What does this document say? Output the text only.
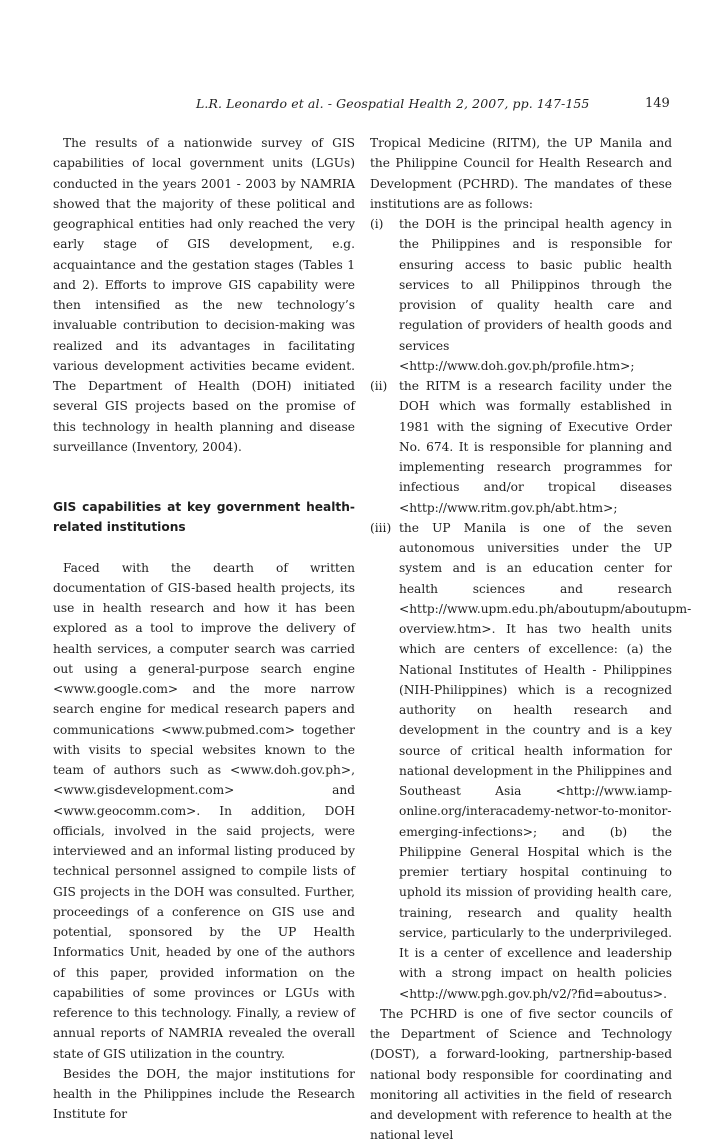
L.R. Leonardo et al. - Geospatial Health 2, 2007, pp. 147-155	149

The results of a nationwide survey of GIS capabilities of local government units (LGUs) conducted in the years 2001 - 2003 by NAMRIA showed that the majority of these political and geographical entities had only reached the very early stage of GIS development, e.g. acquaintance and the gestation stages (Tables 1 and 2). Efforts to improve GIS capability were then intensified as the new technology’s invaluable contribution to decision-making was realized and its advantages in facilitating various development activities became evident. The Department of Health (DOH) initiated several GIS projects based on the promise of this technology in health planning and disease surveillance (Inventory, 2004).

GIS capabilities at key government health-related institutions

Faced with the dearth of written documentation of GIS-based health projects, its use in health research and how it has been explored as a tool to improve the delivery of health services, a computer search was carried out using a general-purpose search engine <www.google.com> and the more narrow search engine for medical research papers and communications <www.pubmed.com> together with visits to special websites known to the team of authors such as <www.doh.gov.ph>, <www.gisdevelopment.com> and <www.geocomm.com>. In addition, DOH officials, involved in the said projects, were interviewed and an informal listing produced by technical personnel assigned to compile lists of GIS projects in the DOH was consulted. Further, proceedings of a conference on GIS use and potential, sponsored by the UP Health Informatics Unit, headed by one of the authors of this paper, provided information on the capabilities of some provinces or LGUs with reference to this technology. Finally, a review of annual reports of NAMRIA revealed the overall state of GIS utilization in the country.

Besides the DOH, the major institutions for health in the Philippines include the Research Institute for

Tropical Medicine (RITM), the UP Manila and the Philippine Council for Health Research and Development (PCHRD). The mandates of these institutions are as follows:

(i) the DOH is the principal health agency in the Philippines and is responsible for ensuring access to basic public health services to all Philippinos through the provision of quality health care and regulation of providers of health goods and services <http://www.doh.gov.ph/profile.htm>;

(ii) the RITM is a research facility under the DOH which was formally established in 1981 with the signing of Executive Order No. 674. It is responsible for planning and implementing research programmes for infectious and/or tropical diseases <http://www.ritm.gov.ph/abt.htm>;

(iii) the UP Manila is one of the seven autonomous universities under the UP system and is an education center for health sciences and research <http://www.upm.edu.ph/aboutupm/aboutupm-overview.htm>. It has two health units which are centers of excellence: (a) the National Institutes of Health - Philippines (NIH-Philippines) which is a recognized authority on health research and development in the country and is a key source of critical health information for national development in the Philippines and Southeast Asia <http://www.iamp-online.org/interacademy-networ-to-monitor-emerging-infections>; and (b) the Philippine General Hospital which is the premier tertiary hospital continuing to uphold its mission of providing health care, training, research and quality health service, particularly to the underprivileged. It is a center of excellence and leadership with a strong impact on health policies <http://www.pgh.gov.ph/v2/?fid=aboutus>.

The PCHRD is one of five sector councils of the Department of Science and Technology (DOST), a forward-looking, partnership-based national body responsible for coordinating and monitoring all activities in the field of research and development with reference to health at the national level
